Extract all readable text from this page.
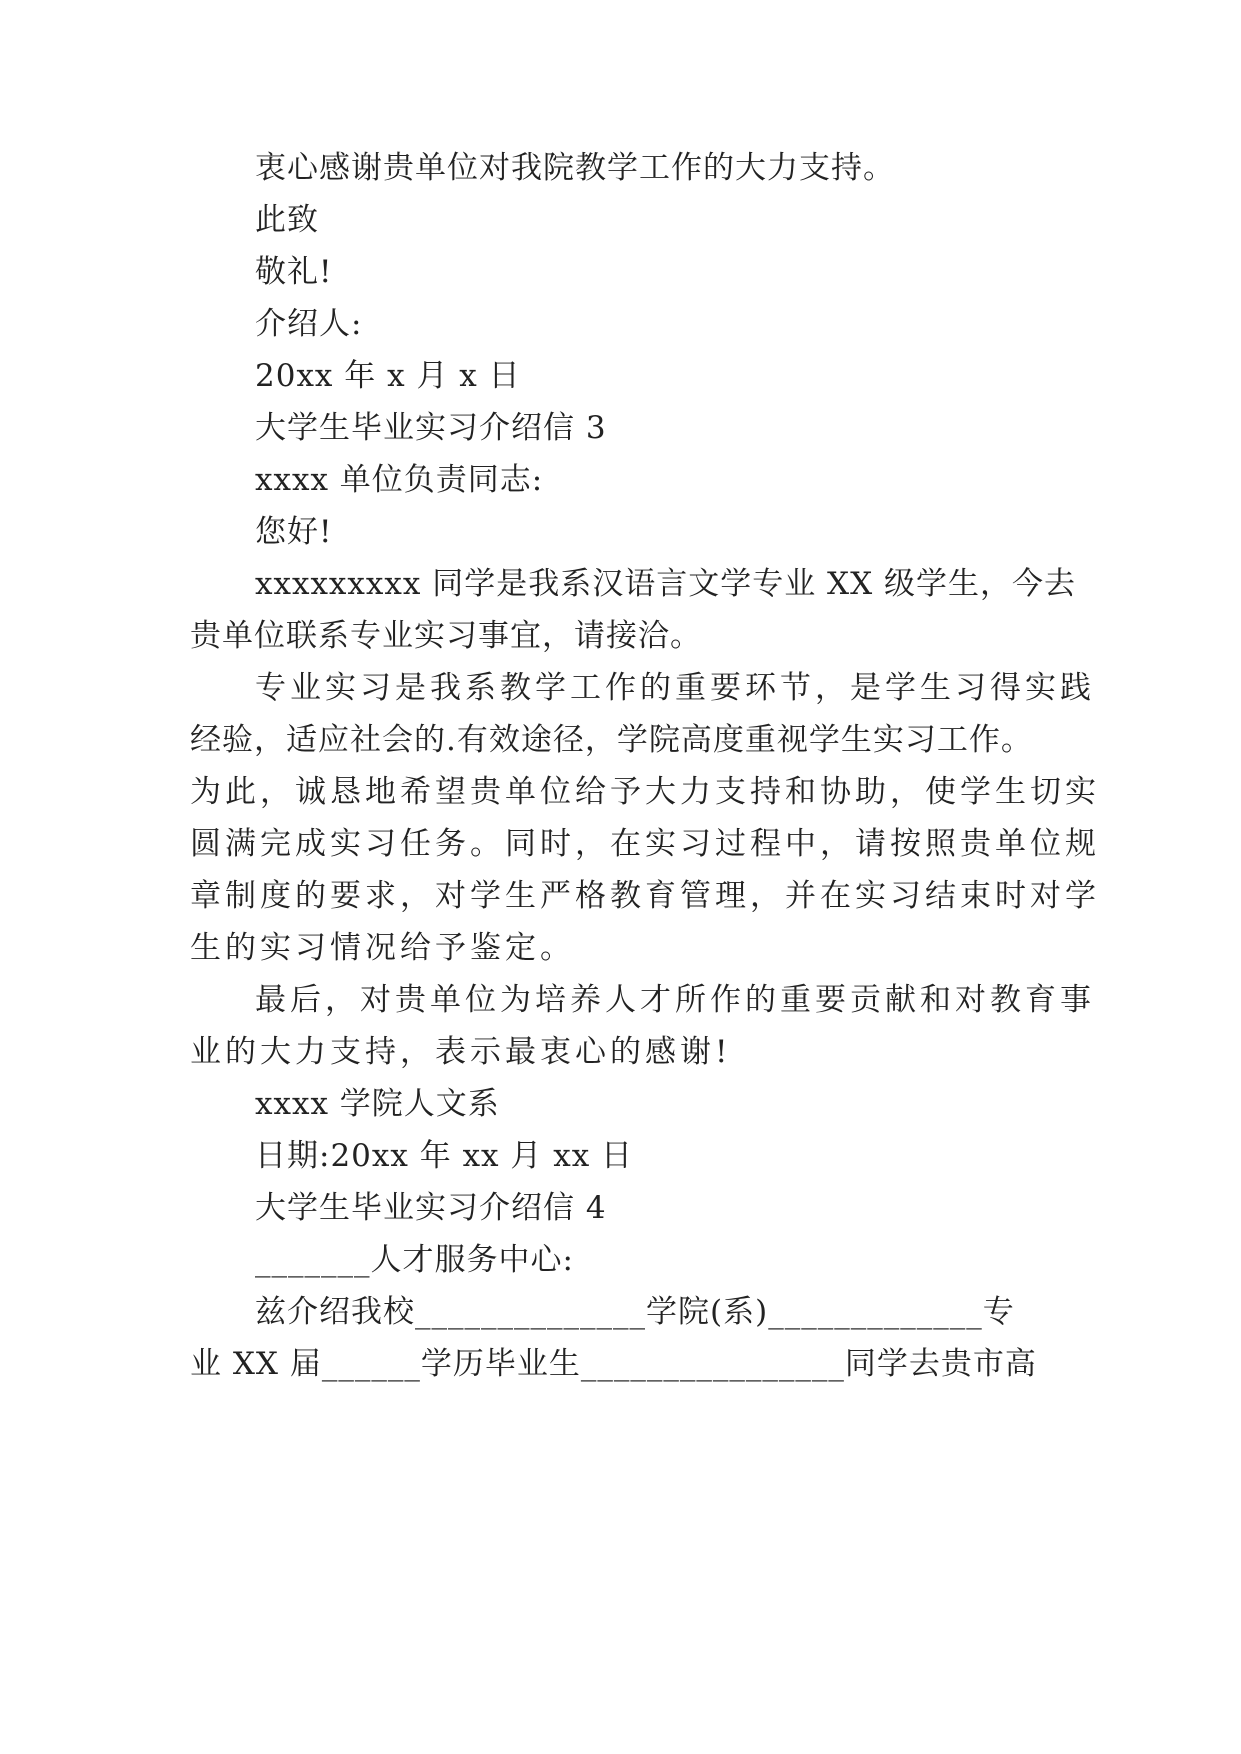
衷心感谢贵单位对我院教学工作的大力支持。
此致
敬礼!
介绍人:
20xx 年 x 月 x 日
大学生毕业实习介绍信 3
xxxx 单位负责同志:
您好!
xxxxxxxxx 同学是我系汉语言文学专业 XX 级学生，今去
贵单位联系专业实习事宜，请接洽。
专业实习是我系教学工作的重要环节，是学生习得实践
经验，适应社会的.有效途径，学院高度重视学生实习工作。
为此，诚恳地希望贵单位给予大力支持和协助，使学生切实
圆满完成实习任务。同时，在实习过程中，请按照贵单位规
章制度的要求，对学生严格教育管理，并在实习结束时对学
生的实习情况给予鉴定。
最后，对贵单位为培养人才所作的重要贡献和对教育事
业的大力支持，表示最衷心的感谢!
xxxx 学院人文系
日期:20xx 年 xx 月 xx 日
大学生毕业实习介绍信 4
_______人才服务中心:
兹介绍我校______________学院(系)_____________专
业 XX 届______学历毕业生________________同学去贵市高
